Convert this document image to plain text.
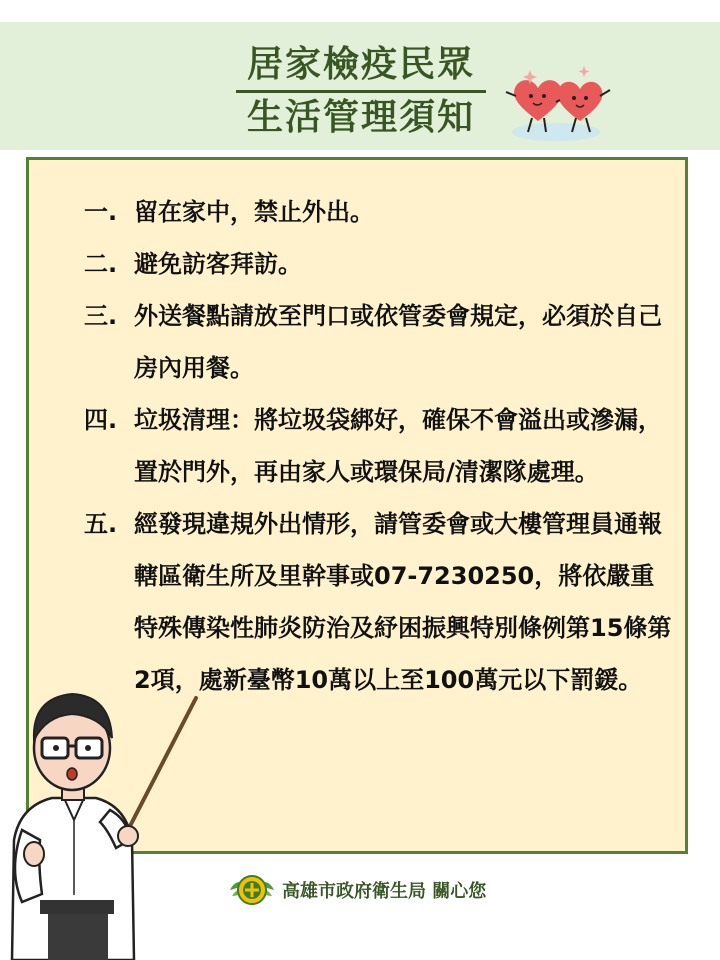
居家檢疫民眾
生活管理須知
一. 留在家中，禁止外出。
二. 避免訪客拜訪。
三. 外送餐點請放至門口或依管委會規定，必須於自己房內用餐。
四. 垃圾清理：將垃圾袋綁好，確保不會溢出或滲漏，置於門外，再由家人或環保局/清潔隊處理。
五. 經發現違規外出情形，請管委會或大樓管理員通報轄區衛生所及里幹事或07-7230250，將依嚴重特殊傳染性肺炎防治及紓困振興特別條例第15條第2項，處新臺幣10萬以上至100萬元以下罰鍰。
高雄市政府衛生局 關心您
